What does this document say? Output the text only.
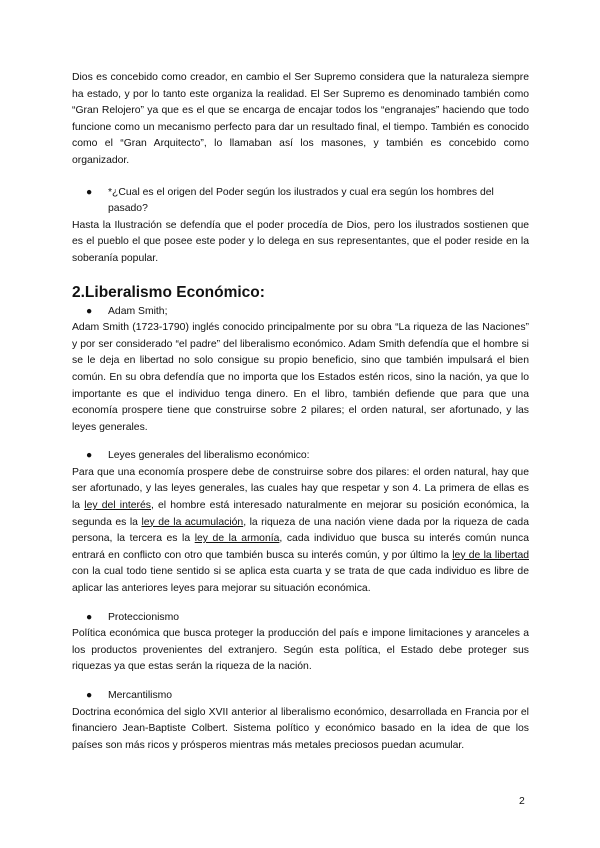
Dios es concebido como creador, en cambio el Ser Supremo considera que la naturaleza siempre ha estado, y por lo tanto este organiza la realidad. El Ser Supremo es denominado también como “Gran Relojero” ya que es el que se encarga de encajar todos los “engranajes” haciendo que todo funcione como un mecanismo perfecto para dar un resultado final, el tiempo. También es conocido como el “Gran Arquitecto”, lo llamaban así los masones, y también es concebido como organizador.

●	*¿Cual es el origen del Poder según los ilustrados y cual era según los hombres del pasado?

Hasta la Ilustración se defendía que el poder procedía de Dios, pero los ilustrados sostienen que es el pueblo el que posee este poder y lo delega en sus representantes, que el poder reside en la soberanía popular.

2.Liberalismo Económico:
●	Adam Smith;

Adam Smith (1723-1790) inglés conocido principalmente por su obra “La riqueza de las Naciones” y por ser considerado “el padre” del liberalismo económico. Adam Smith defendía que el hombre si se le deja en libertad no solo consigue su propio beneficio, sino que también impulsará el bien común. En su obra defendía que no importa que los Estados estén ricos, sino la nación, ya que lo importante es que el individuo tenga dinero. En el libro, también defiende que para que una economía prospere tiene que construirse sobre 2 pilares; el orden natural, ser afortunado, y las leyes generales.

●	Leyes generales del liberalismo económico:

Para que una economía prospere debe de construirse sobre dos pilares: el orden natural, hay que ser afortunado, y las leyes generales, las cuales hay que respetar y son 4. La primera de ellas es la ley del interés, el hombre está interesado naturalmente en mejorar su posición económica, la segunda es la ley de la acumulación, la riqueza de una nación viene dada por la riqueza de cada persona, la tercera es la ley de la armonía, cada individuo que busca su interés común nunca entrará en conflicto con otro que también busca su interés común, y por último la ley de la libertad con la cual todo tiene sentido si se aplica esta cuarta y se trata de que cada individuo es libre de aplicar las anteriores leyes para mejorar su situación económica.

●	Proteccionismo

Política económica que busca proteger la producción del país e impone limitaciones y aranceles a los productos provenientes del extranjero. Según esta política, el Estado debe proteger sus riquezas ya que estas serán la riqueza de la nación.

●	Mercantilismo

Doctrina económica del siglo XVII anterior al liberalismo económico, desarrollada en Francia por el financiero Jean-Baptiste Colbert. Sistema político y económico basado en la idea de que los países son más ricos y prósperos mientras más metales preciosos puedan acumular.

2
